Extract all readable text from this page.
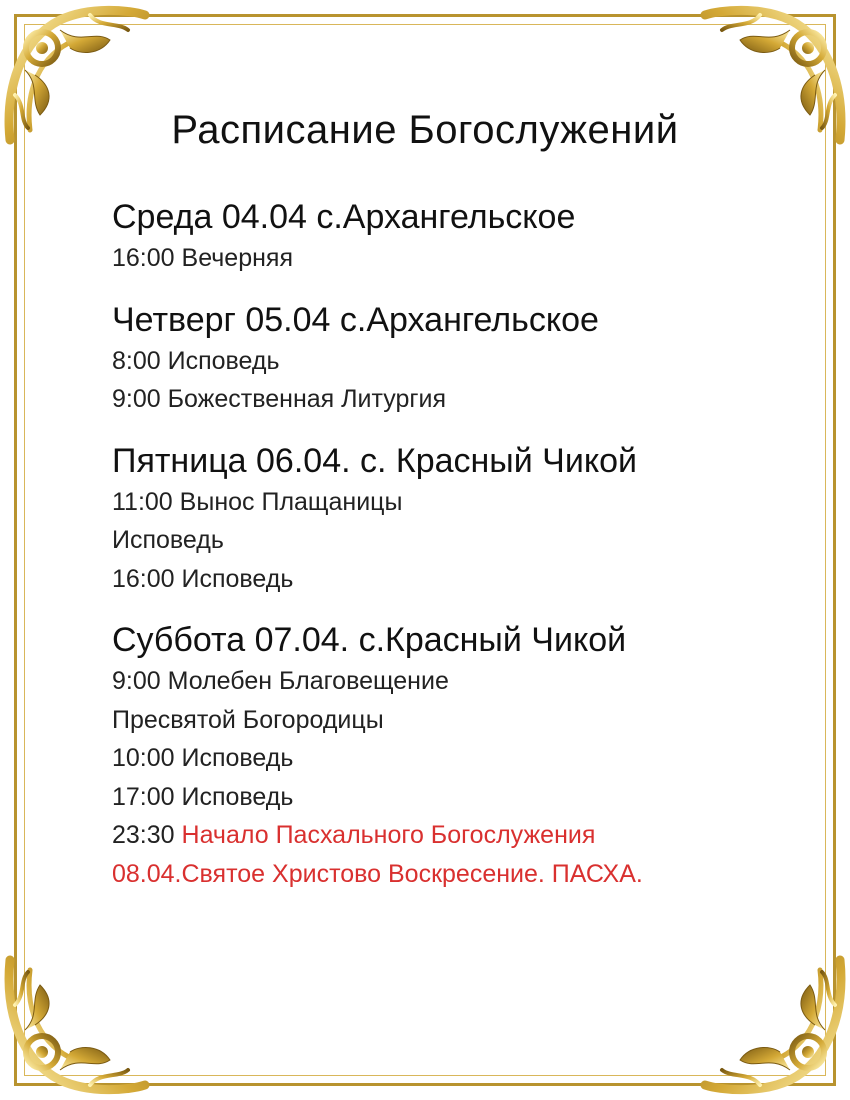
Расписание Богослужений
Среда 04.04 с.Архангельское
16:00 Вечерняя
Четверг 05.04 с.Архангельское
8:00 Исповедь
9:00 Божественная Литургия
Пятница 06.04. с. Красный Чикой
11:00 Вынос Плащаницы
Исповедь
16:00 Исповедь
Суббота 07.04. с.Красный Чикой
9:00 Молебен Благовещение
Пресвятой Богородицы
10:00 Исповедь
17:00 Исповедь
23:30 Начало Пасхального Богослужения
08.04.Святое Христово Воскресение. ПАСХА.
